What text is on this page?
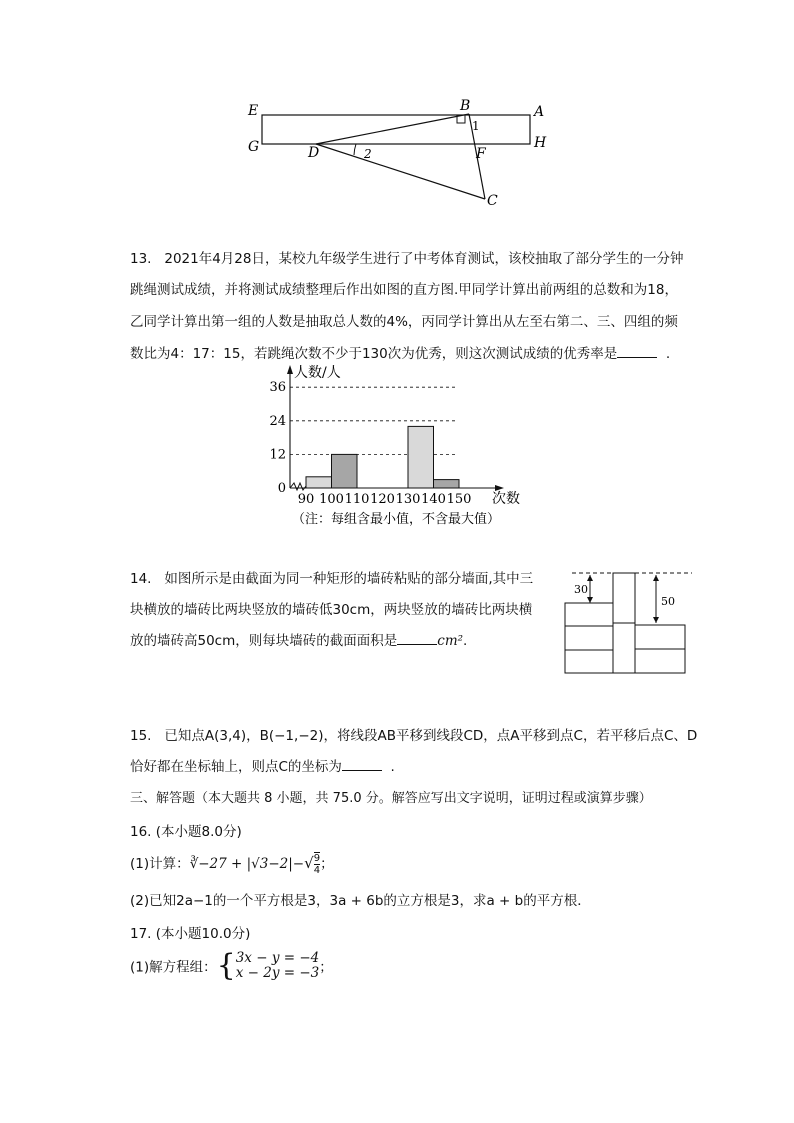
E	B	A
G	D	F
H
C
1
2
13. 2021年4月28日，某校九年级学生进行了中考体育测试，该校抽取了部分学生的一分钟
跳绳测试成绩，并将测试成绩整理后作出如图的直方图.甲同学计算出前两组的总数和为18，
乙同学计算出第一组的人数是抽取总人数的4%，丙同学计算出从左至右第二、三、四组的频
数比为4：17：15，若跳绳次数不少于130次为优秀，则这次测试成绩的优秀率是	.
0
12
24
36
90 100 110 120 130 140 150
人数/人
次数
（注：每组含最小值，不含最大值）
14. 如图所示是由截面为同一种矩形的墙砖粘贴的部分墙面,其中三
块横放的墙砖比两块竖放的墙砖低30cm，两块竖放的墙砖比两块横
放的墙砖高50cm，则每块墙砖的截面面积是	cm².
30
50
15. 已知点A(3,4)，B(−1,−2)，将线段AB平移到线段CD，点A平移到点C，若平移后点C、D
恰好都在坐标轴上，则点C的坐标为	.
三、解答题（本大题共 8 小题，共 75.0 分。解答应写出文字说明，证明过程或演算步骤）
16. (本小题8.0分)
(1)计算：∛−27 + $|√3-2|-√ \frac{9}{4}$ ；
(2)已知2a−1的一个平方根是3，3a + 6b的立方根是3，求a + b的平方根．
17. (本小题10.0分)
(1)解方程组：{ 3x − y = −4
x − 2y = −3 ；
